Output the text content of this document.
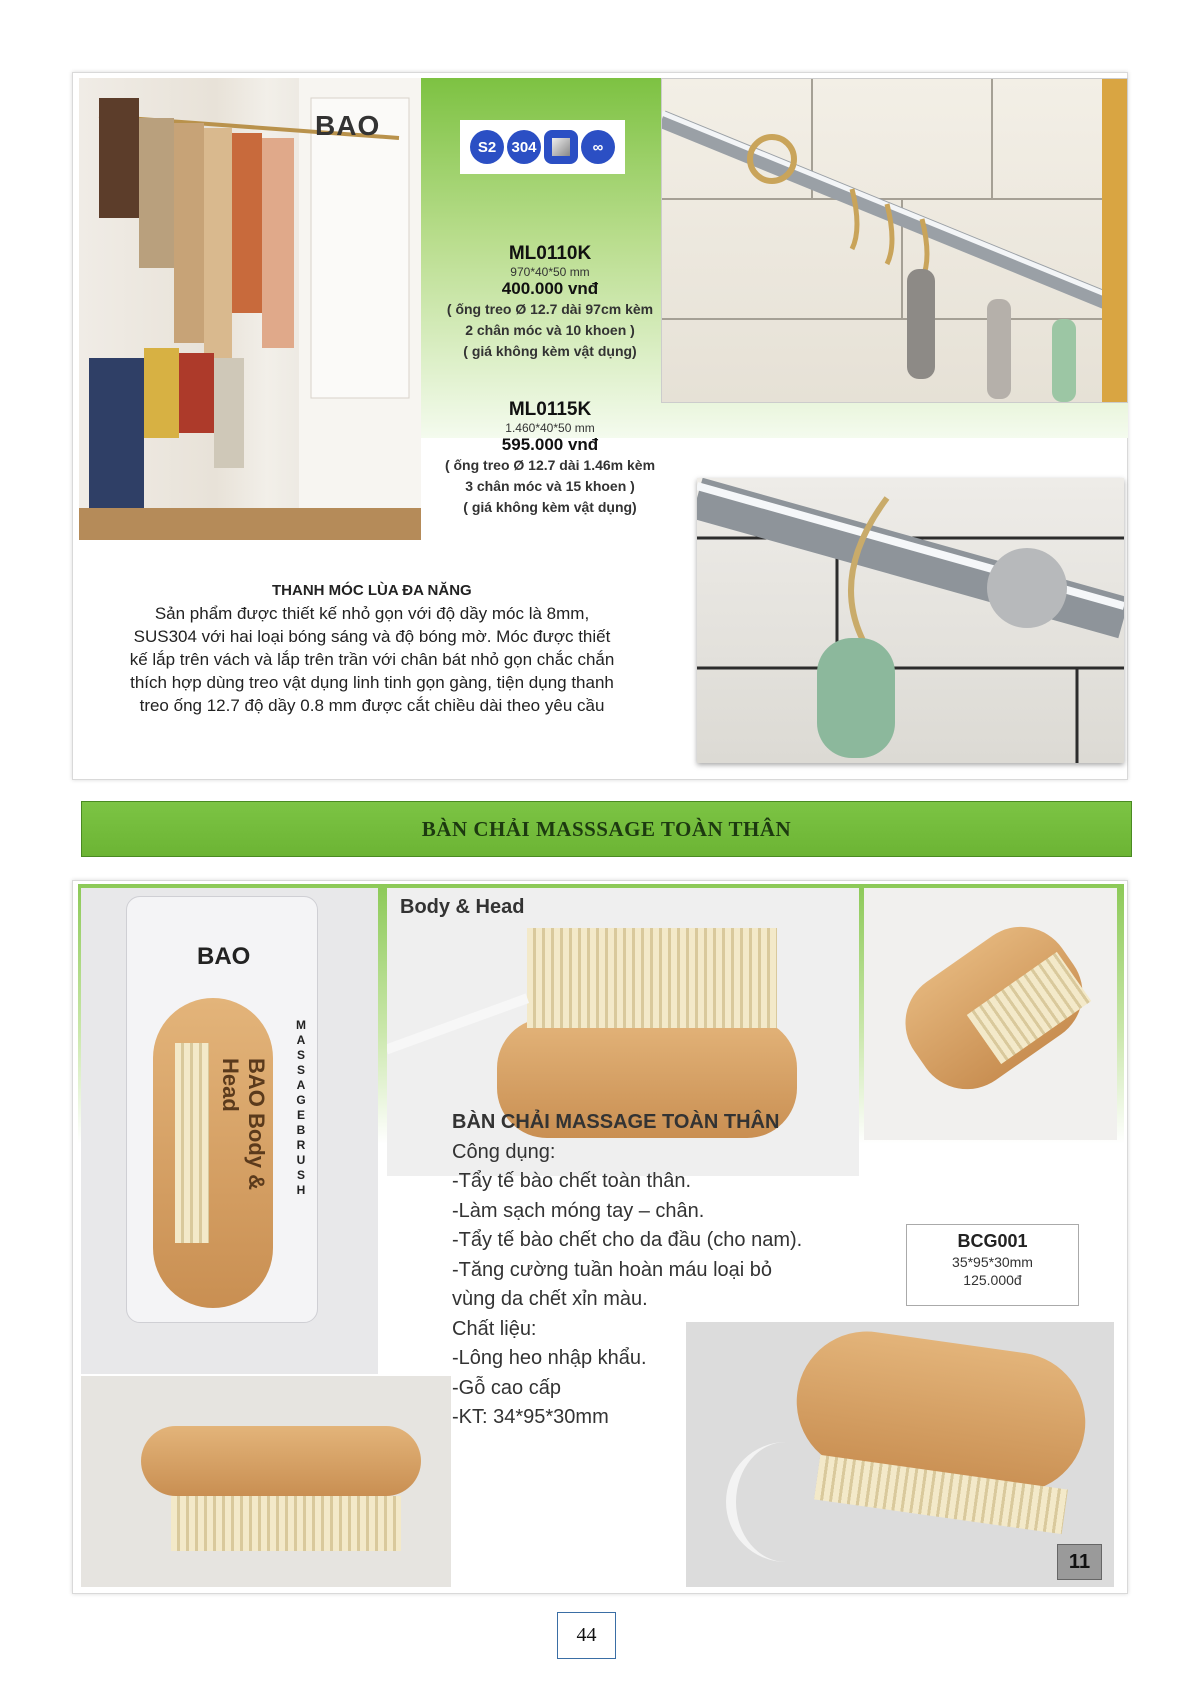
BAO
S2	304	∞
ML0110K
970*40*50 mm
400.000 vnđ
( ống treo Ø 12.7 dài 97cm kèm
2 chân móc và 10 khoen )
( giá không kèm vật dụng)
ML0115K
1.460*40*50 mm
595.000 vnđ
( ống treo Ø 12.7 dài 1.46m kèm
3 chân móc và 15 khoen )
( giá không kèm vật dụng)
THANH MÓC LÙA ĐA NĂNG
Sản phẩm được thiết kế nhỏ gọn với độ dầy móc là 8mm,
SUS304 với hai loại bóng sáng và độ bóng mờ. Móc được thiết
kế lắp trên vách và lắp trên trần với chân bát nhỏ gọn chắc chắn
thích hợp dùng treo vật dụng linh tinh gọn gàng, tiện dụng thanh
treo ống 12.7 độ dầy 0.8 mm được cắt chiều dài theo yêu cầu
BÀN CHẢI MASSSAGE TOÀN THÂN
BAO
BAO Body & Head	MASSAGEBRUSH
Body & Head
BÀN CHẢI MASSAGE TOÀN THÂN
Công dụng:
-Tẩy tế bào chết toàn thân.
-Làm sạch móng tay – chân.
-Tẩy tế bào chết cho da đầu (cho nam).
-Tăng cường tuần hoàn máu loại bỏ
vùng da chết xỉn màu.
Chất liệu:
-Lông heo nhập khẩu.
-Gỗ cao cấp
-KT: 34*95*30mm
BCG001
35*95*30mm
125.000đ
11
44
